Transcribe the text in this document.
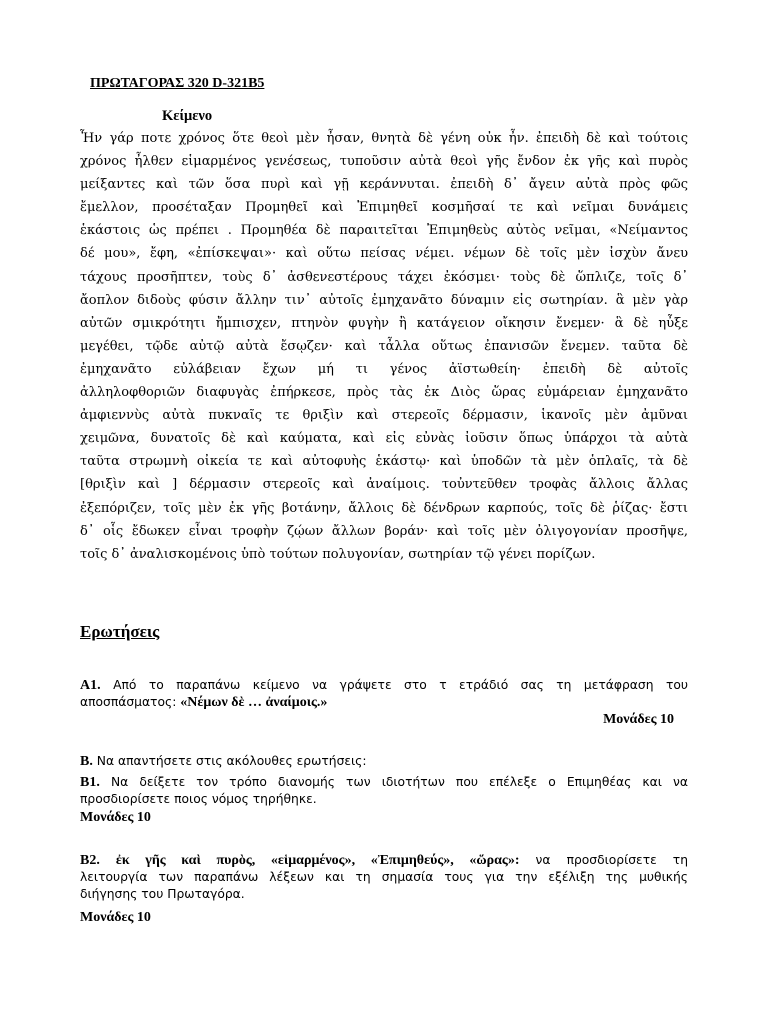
ΠΡΩΤΑΓΟΡΑΣ 320 D-321B5
Κείμενο
Ἦν γάρ ποτε χρόνος ὅτε θεοὶ μὲν ἦσαν, θνητὰ δὲ γένη οὐκ ἦν. ἐπειδὴ δὲ καὶ τούτοις
χρόνος ἦλθεν εἱμαρμένος γενέσεως, τυποῦσιν αὐτὰ θεοὶ γῆς ἔνδον ἐκ γῆς καὶ πυρὸς
μείξαντες καὶ τῶν ὅσα πυρὶ καὶ γῇ κεράννυται. ἐπειδὴ δ᾽ ἄγειν αὐτὰ πρὸς φῶς
ἔμελλον, προσέταξαν Προμηθεῖ καὶ Ἐπιμηθεῖ κοσμῆσαί τε καὶ νεῖμαι δυνάμεις
ἑκάστοις ὡς πρέπει . Προμηθέα δὲ παραιτεῖται Ἐπιμηθεὺς αὐτὸς νεῖμαι, «Νείμαντος
δέ μου», ἔφη, «ἐπίσκεψαι»· καὶ οὕτω πείσας νέμει. νέμων δὲ τοῖς μὲν ἰσχὺν ἄνευ
τάχους προσῆπτεν, τοὺς δ᾽ ἀσθενεστέρους τάχει ἐκόσμει· τοὺς δὲ ὥπλιζε, τοῖς δ᾽
ἄοπλον διδοὺς φύσιν ἄλλην τιν᾽ αὐτοῖς ἐμηχανᾶτο δύναμιν εἰς σωτηρίαν. ἃ μὲν γὰρ
αὐτῶν σμικρότητι ἤμπισχεν, πτηνὸν φυγὴν ἢ κατάγειον οἴκησιν ἔνεμεν· ἃ δὲ ηὖξε
μεγέθει, τῷδε αὐτῷ αὐτὰ ἔσῳζεν· καὶ τἆλλα οὕτως ἐπανισῶν ἔνεμεν. ταῦτα δὲ
ἐμηχανᾶτο εὐλάβειαν ἔχων μή τι γένος ἀϊστωθείη· ἐπειδὴ δὲ αὐτοῖς
ἀλληλοφθοριῶν διαφυγὰς ἐπήρκεσε, πρὸς τὰς ἐκ Διὸς ὥρας εὐμάρειαν ἐμηχανᾶτο
ἀμφιεννὺς αὐτὰ πυκναῖς τε θριξὶν καὶ στερεοῖς δέρμασιν, ἱκανοῖς μὲν ἀμῦναι
χειμῶνα, δυνατοῖς δὲ καὶ καύματα, καὶ εἰς εὐνὰς ἰοῦσιν ὅπως ὑπάρχοι τὰ αὐτὰ
ταῦτα στρωμνὴ οἰκεία τε καὶ αὐτοφυὴς ἑκάστῳ· καὶ ὑποδῶν τὰ μὲν ὁπλαῖς, τὰ δὲ
[θριξὶν καὶ ] δέρμασιν στερεοῖς καὶ ἀναίμοις. τοὐντεῦθεν τροφὰς ἄλλοις ἄλλας
ἐξεπόριζεν, τοῖς μὲν ἐκ γῆς βοτάνην, ἄλλοις δὲ δένδρων καρπούς, τοῖς δὲ ῥίζας· ἔστι
δ᾽ οἷς ἔδωκεν εἶναι τροφὴν ζῴων ἄλλων βοράν· καὶ τοῖς μὲν ὀλιγογονίαν προσῆψε,
τοῖς δ᾽ ἀναλισκομένοις ὑπὸ τούτων πολυγονίαν, σωτηρίαν τῷ γένει πορίζων.
Ερωτήσεις
Α1. Από το παραπάνω κείμενο να γράψετε στο τ ετράδιό σας τη μετάφραση του
αποσπάσματος: «Νέμων δὲ … ἀναίμοις.»
Μονάδες 10
Β. Να απαντήσετε στις ακόλουθες ερωτήσεις:
Β1. Να δείξετε τον τρόπο διανομής των ιδιοτήτων που επέλεξε ο Επιμηθέας και να
προσδιορίσετε ποιος νόμος τηρήθηκε.
Μονάδες 10
Β2. ἐκ γῆς καὶ πυρὸς, «εἱμαρμένος», «Ἐπιμηθεύς», «ὥρας»: να προσδιορίσετε τη
λειτουργία των παραπάνω λέξεων και τη σημασία τους για την εξέλιξη της μυθικής
διήγησης του Πρωταγόρα.
Μονάδες 10
